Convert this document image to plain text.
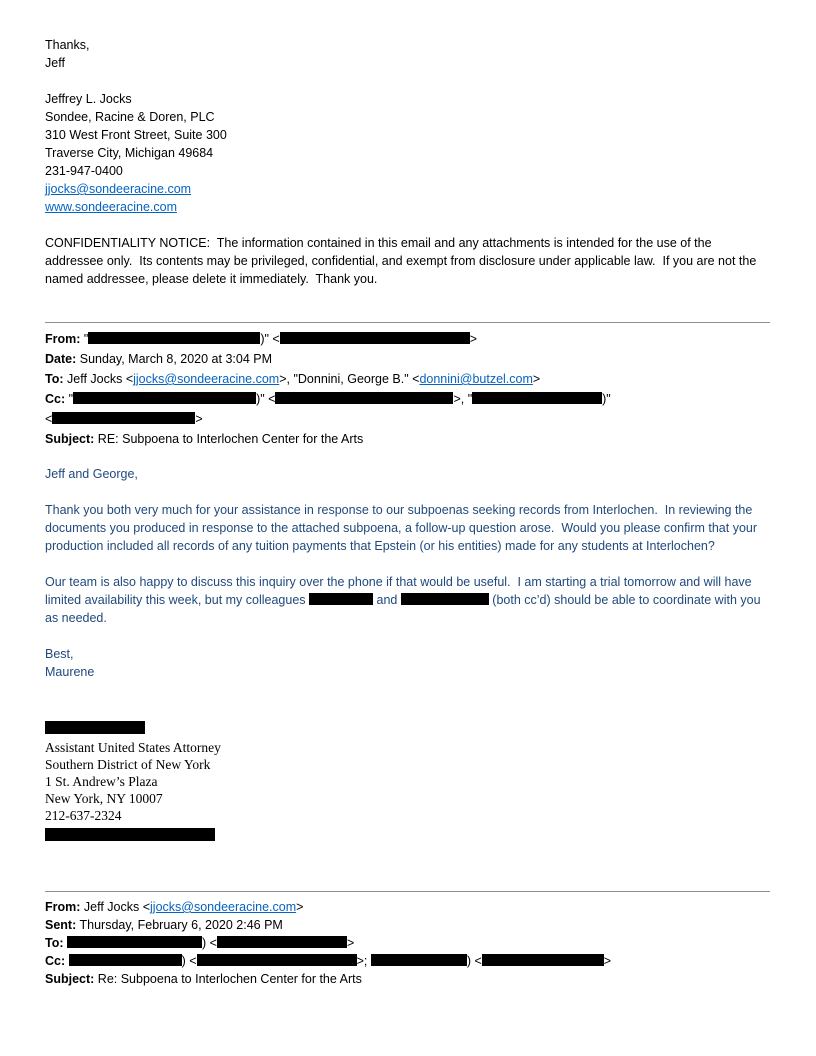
Thanks,
Jeff
Jeffrey L. Jocks
Sondee, Racine & Doren, PLC
310 West Front Street, Suite 300
Traverse City, Michigan 49684
231-947-0400
jjocks@sondeeracine.com
www.sondeeracine.com
CONFIDENTIALITY NOTICE:  The information contained in this email and any attachments is intended for the use of the addressee only.  Its contents may be privileged, confidential, and exempt from disclosure under applicable law.  If you are not the named addressee, please delete it immediately.  Thank you.
From: "	)" <	>
Date: Sunday, March 8, 2020 at 3:04 PM
To: Jeff Jocks <jjocks@sondeeracine.com>, "Donnini, George B." <donnini@butzel.com>
Cc: "	)" <	>, "	)"
<	>
Subject: RE: Subpoena to Interlochen Center for the Arts
Jeff and George,
Thank you both very much for your assistance in response to our subpoenas seeking records from Interlochen.  In reviewing the documents you produced in response to the attached subpoena, a follow-up question arose.  Would you please confirm that your production included all records of any tuition payments that Epstein (or his entities) made for any students at Interlochen?
Our team is also happy to discuss this inquiry over the phone if that would be useful.  I am starting a trial tomorrow and will have limited availability this week, but my colleagues	and	(both cc’d) should be able to coordinate with you as needed.
Best,
Maurene
Assistant United States Attorney
Southern District of New York
1 St. Andrew’s Plaza
New York, NY 10007
212-637-2324
From: Jeff Jocks <jjocks@sondeeracine.com>
Sent: Thursday, February 6, 2020 2:46 PM
To:	) <	>
Cc:	) <	>;	) <	>
Subject: Re: Subpoena to Interlochen Center for the Arts
